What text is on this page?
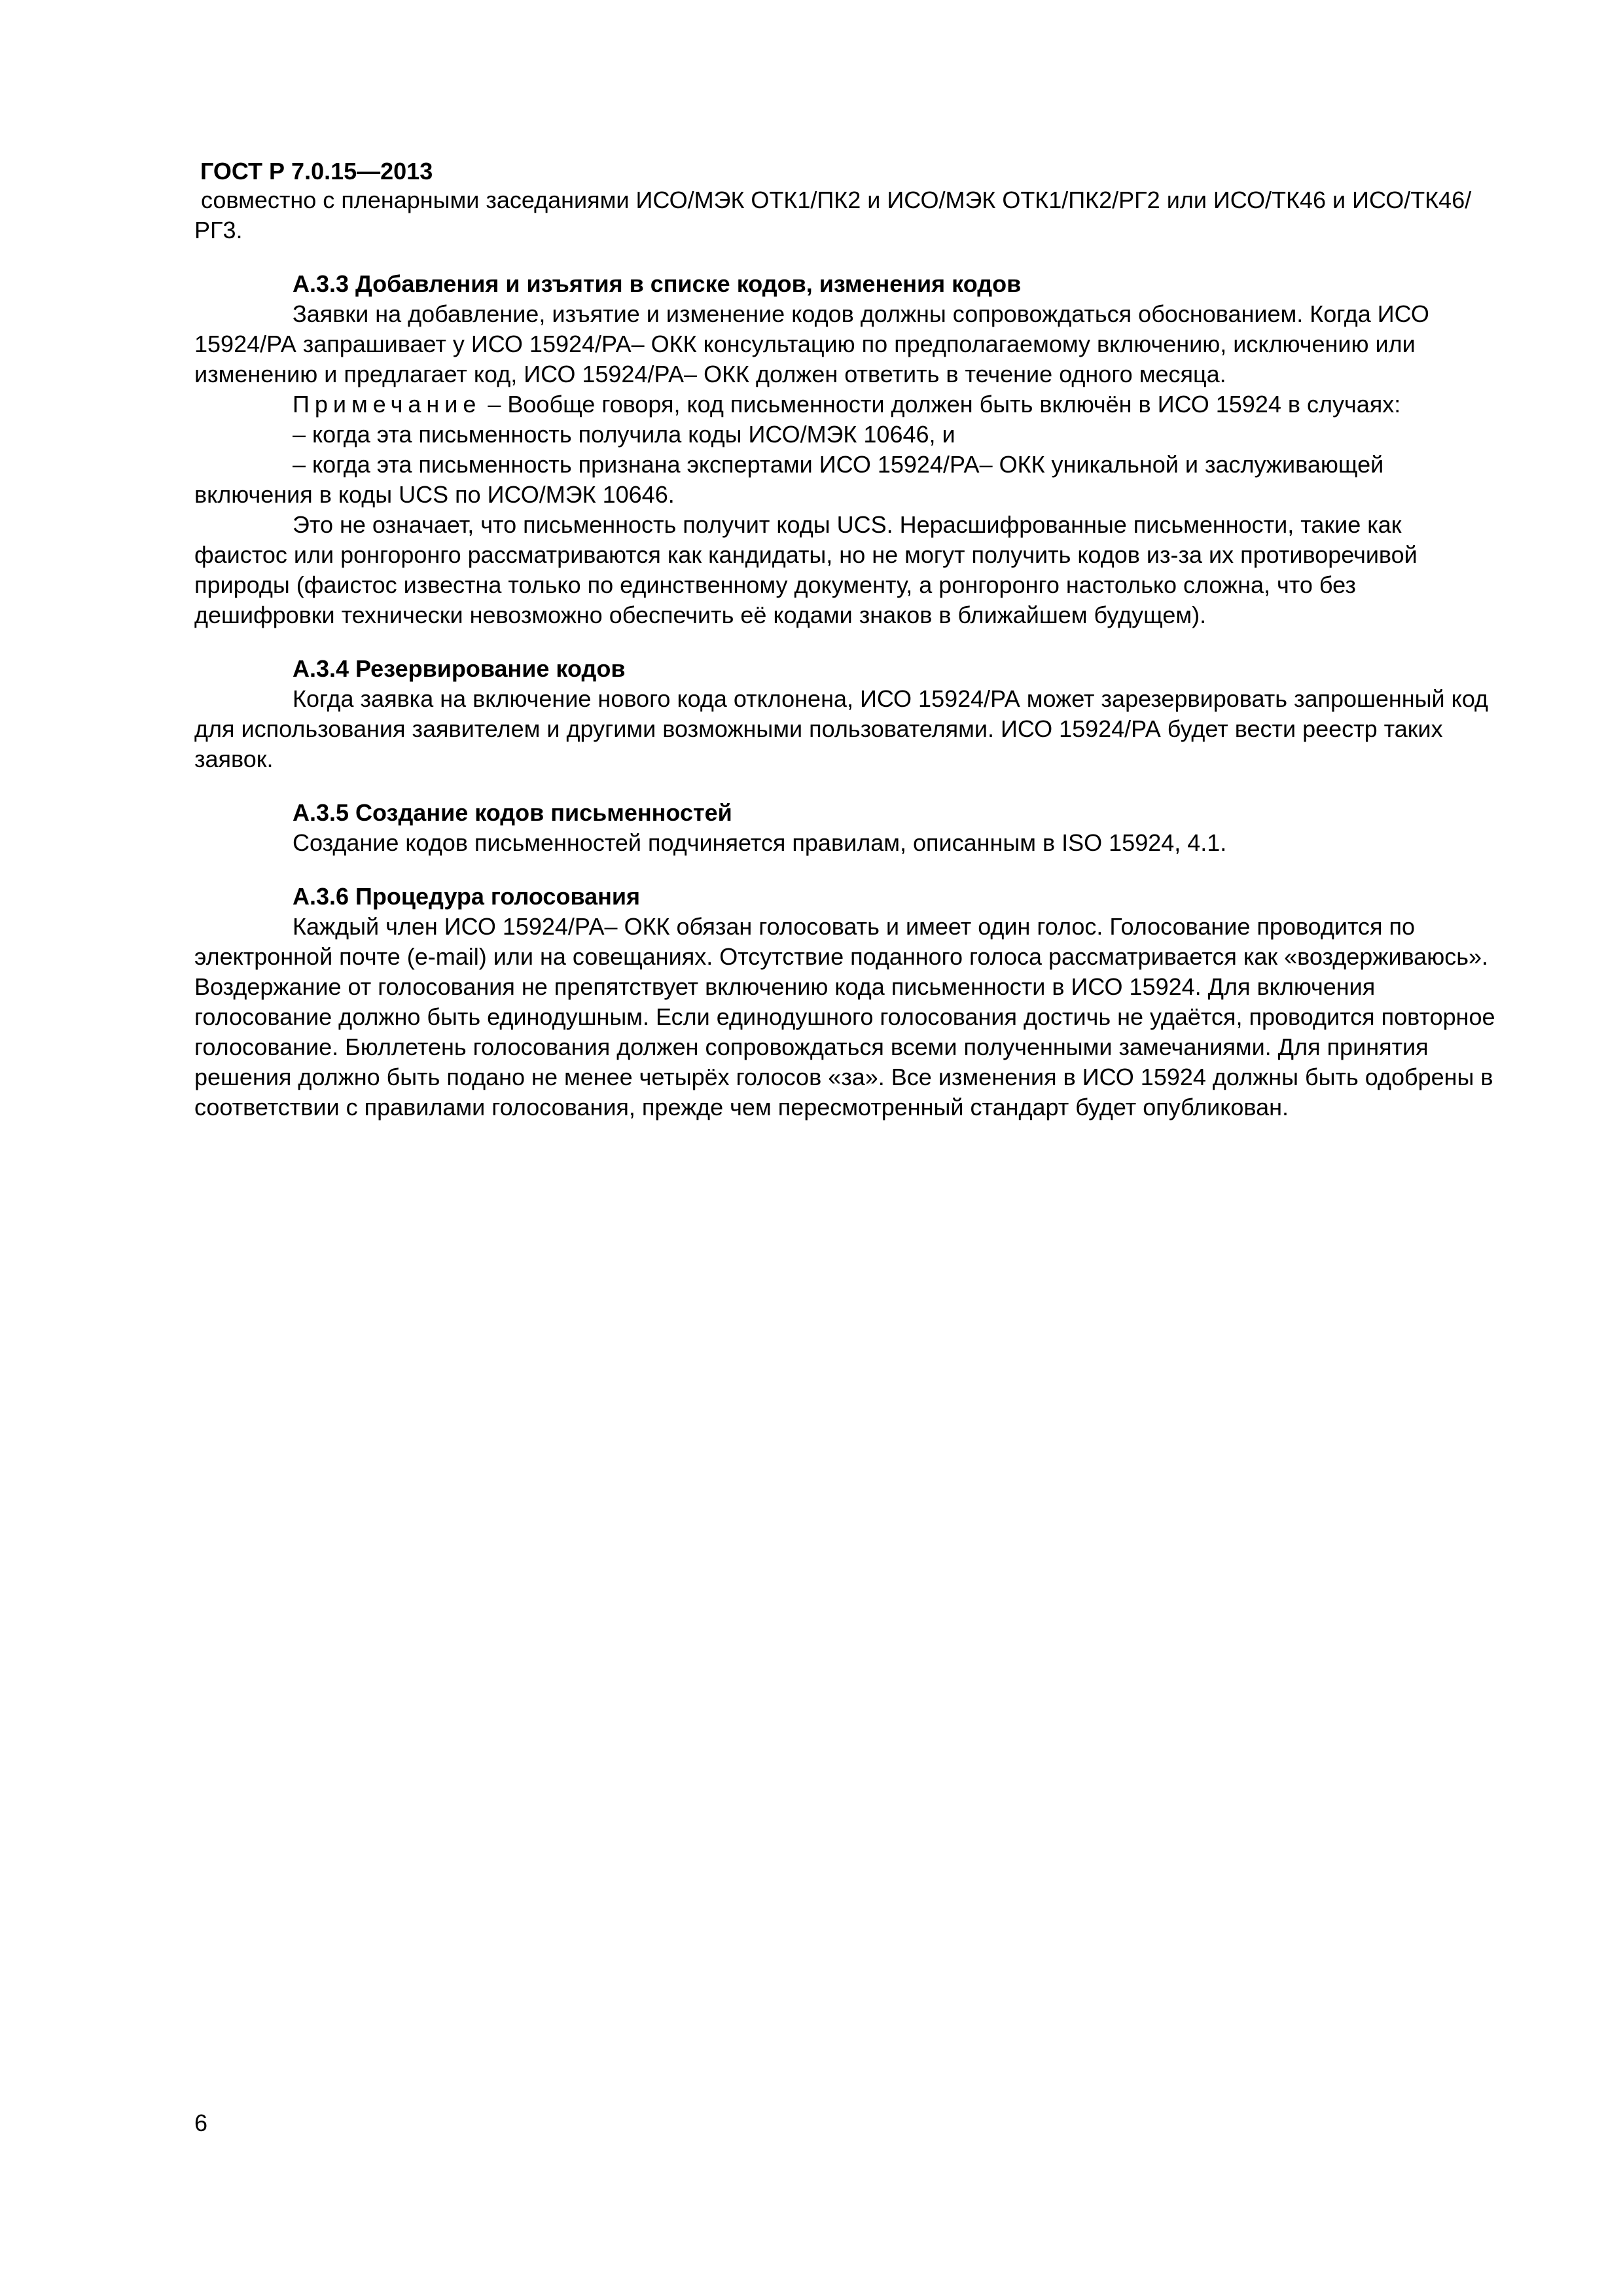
ГОСТ Р 7.0.15—2013

совместно с пленарными заседаниями ИСО/МЭК ОТК1/ПК2 и ИСО/МЭК ОТК1/ПК2/РГ2 или ИСО/ТК46 и ИСО/ТК46/РГ3.

А.3.3 Добавления и изъятия в списке кодов, изменения кодов

Заявки на добавление, изъятие и изменение кодов должны сопровождаться обоснованием. Когда ИСО 15924/РА запрашивает у ИСО 15924/РА– ОКК консультацию по предполагаемому включению, исключению или изменению и предлагает код, ИСО 15924/РА– ОКК должен ответить в течение одного месяца.

Примечание – Вообще говоря, код письменности должен быть включён в ИСО 15924 в случаях:

– когда эта письменность получила коды ИСО/МЭК 10646, и

– когда эта письменность признана экспертами ИСО 15924/РА– ОКК уникальной и заслуживающей включения в коды UCS по ИСО/МЭК 10646.

Это не означает, что письменность получит коды UCS. Нерасшифрованные письменности, такие как фаистос или ронгоронго рассматриваются как кандидаты, но не могут получить кодов из-за их противоречивой природы (фаистос известна только по единственному документу, а ронгоронго настолько сложна, что без дешифровки технически невозможно обеспечить её кодами знаков в ближайшем будущем).

А.3.4 Резервирование кодов

Когда заявка на включение нового кода отклонена, ИСО 15924/РА может зарезервировать запрошенный код для использования заявителем и другими возможными пользователями. ИСО 15924/РА будет вести реестр таких заявок.

А.3.5 Создание кодов письменностей

Создание кодов письменностей подчиняется правилам, описанным в ISO 15924, 4.1.

А.3.6 Процедура голосования

Каждый член ИСО 15924/РА– ОКК обязан голосовать и имеет один голос. Голосование проводится по электронной почте (e-mail) или на совещаниях. Отсутствие поданного голоса рассматривается как «воздерживаюсь». Воздержание от голосования не препятствует включению кода письменности в ИСО 15924. Для включения голосование должно быть единодушным. Если единодушного голосования достичь не удаётся, проводится повторное голосование. Бюллетень голосования должен сопровождаться всеми полученными замечаниями. Для принятия решения должно быть подано не менее четырёх голосов «за». Все изменения в ИСО 15924 должны быть одобрены в соответствии с правилами голосования, прежде чем пересмотренный стандарт будет опубликован.

6
